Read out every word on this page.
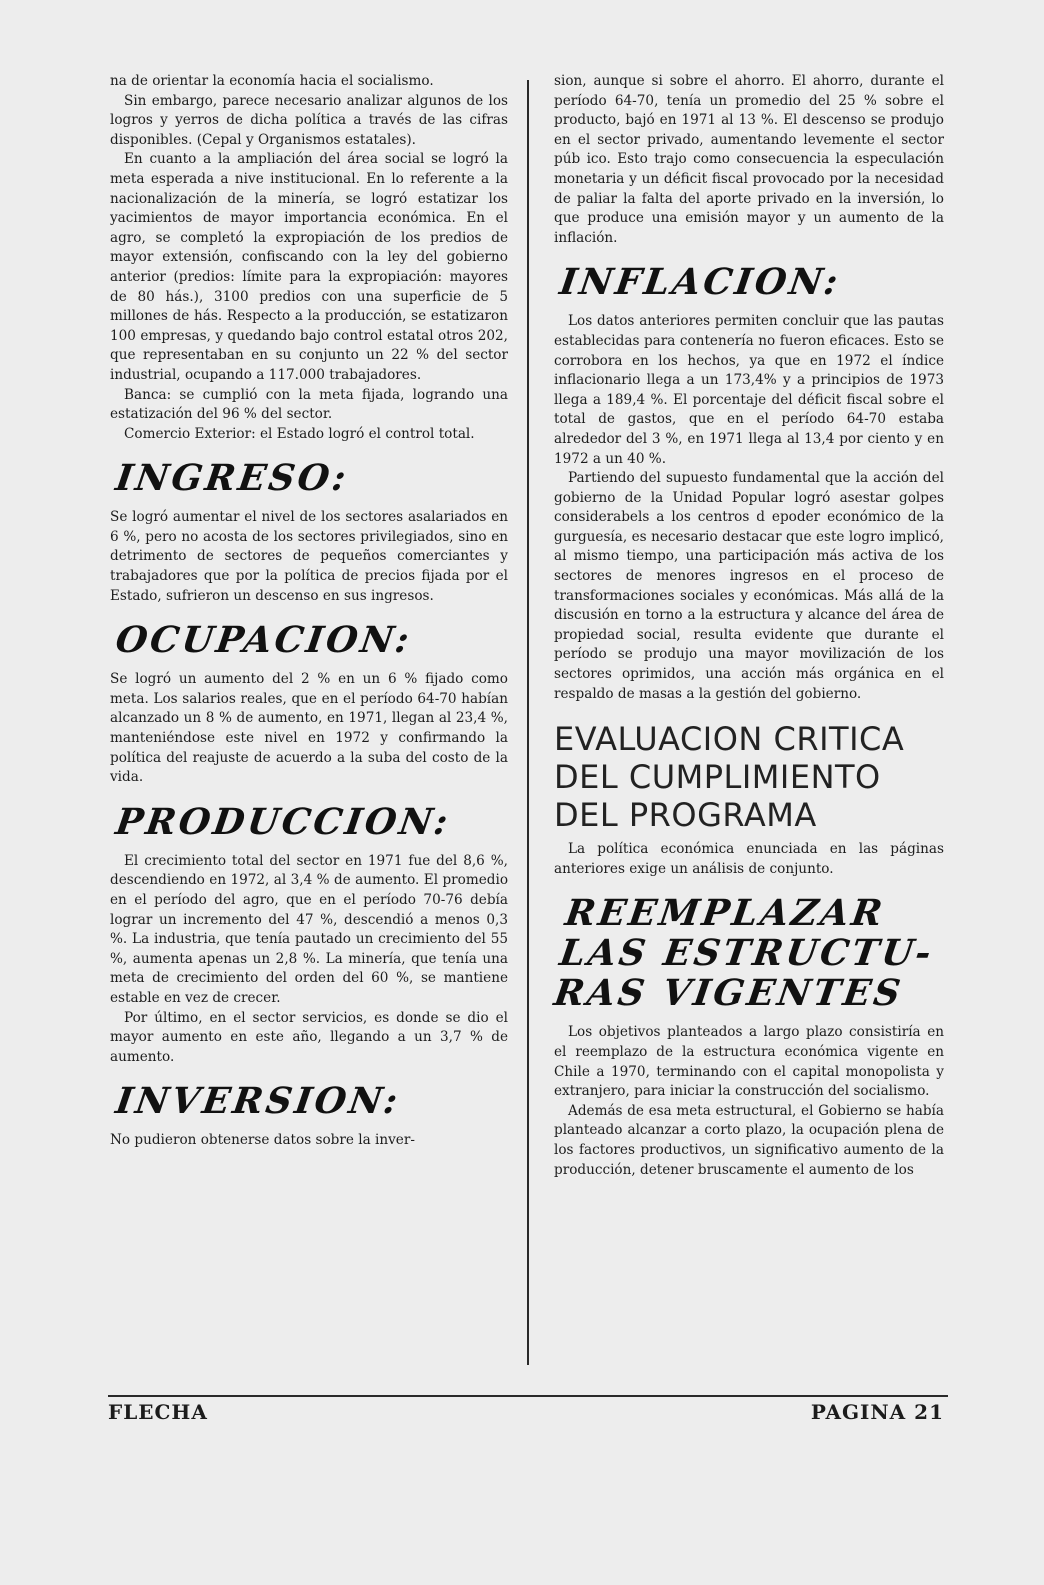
na de orientar la economía hacia el socialismo.

Sin embargo, parece necesario analizar algunos de los logros y yerros de dicha política a través de las cifras disponibles. (Cepal y Organismos estatales).

En cuanto a la ampliación del área social se logró la meta esperada a nive institucional. En lo referente a la nacionalización de la minería, se logró estatizar los yacimientos de mayor importancia económica. En el agro, se completó la expropiación de los predios de mayor extensión, confiscando con la ley del gobierno anterior (predios: límite para la expropiación: mayores de 80 hás.), 3100 predios con una superficie de 5 millones de hás. Respecto a la producción, se estatizaron 100 empresas, y quedando bajo control estatal otros 202, que representaban en su conjunto un 22 % del sector industrial, ocupando a 117.000 trabajadores.

Banca: se cumplió con la meta fijada, logrando una estatización del 96 % del sector.

Comercio Exterior: el Estado logró el control total.

INGRESO:

Se logró aumentar el nivel de los sectores asalariados en 6 %, pero no acosta de los sectores privilegiados, sino en detrimento de sectores de pequeños comerciantes y trabajadores que por la política de precios fijada por el Estado, sufrieron un descenso en sus ingresos.

OCUPACION:

Se logró un aumento del 2 % en un 6 % fijado como meta. Los salarios reales, que en el período 64-70 habían alcanzado un 8 % de aumento, en 1971, llegan al 23,4 %, manteniéndose este nivel en 1972 y confirmando la política del reajuste de acuerdo a la suba del costo de la vida.

PRODUCCION:

El crecimiento total del sector en 1971 fue del 8,6 %, descendiendo en 1972, al 3,4 % de aumento. El promedio en el período del agro, que en el período 70-76 debía lograr un incremento del 47 %, descendió a menos 0,3 %. La industria, que tenía pautado un crecimiento del 55 %, aumenta apenas un 2,8 %. La minería, que tenía una meta de crecimiento del orden del 60 %, se mantiene estable en vez de crecer.

Por último, en el sector servicios, es donde se dio el mayor aumento en este año, llegando a un 3,7 % de aumento.

INVERSION:

No pudieron obtenerse datos sobre la inver-

sion, aunque si sobre el ahorro. El ahorro, durante el período 64-70, tenía un promedio del 25 % sobre el producto, bajó en 1971 al 13 %. El descenso se produjo en el sector privado, aumentando levemente el sector púb ico. Esto trajo como consecuencia la especulación monetaria y un déficit fiscal provocado por la necesidad de paliar la falta del aporte privado en la inversión, lo que produce una emisión mayor y un aumento de la inflación.

INFLACION:

Los datos anteriores permiten concluir que las pautas establecidas para contenería no fueron eficaces. Esto se corrobora en los hechos, ya que en 1972 el índice inflacionario llega a un 173,4% y a principios de 1973 llega a 189,4 %. El porcentaje del déficit fiscal sobre el total de gastos, que en el período 64-70 estaba alrededor del 3 %, en 1971 llega al 13,4 por ciento y en 1972 a un 40 %.

Partiendo del supuesto fundamental que la acción del gobierno de la Unidad Popular logró asestar golpes considerabels a los centros d epoder económico de la gurguesía, es necesario destacar que este logro implicó, al mismo tiempo, una participación más activa de los sectores de menores ingresos en el proceso de transformaciones sociales y económicas. Más allá de la discusión en torno a la estructura y alcance del área de propiedad social, resulta evidente que durante el período se produjo una mayor movilización de los sectores oprimidos, una acción más orgánica en el respaldo de masas a la gestión del gobierno.

EVALUACION CRITICA
DEL CUMPLIMIENTO
DEL PROGRAMA

La política económica enunciada en las páginas anteriores exige un análisis de conjunto.

REEMPLAZAR
LAS ESTRUCTU-
RAS VIGENTES

Los objetivos planteados a largo plazo consistiría en el reemplazo de la estructura económica vigente en Chile a 1970, terminando con el capital monopolista y extranjero, para iniciar la construcción del socialismo.

Además de esa meta estructural, el Gobierno se había planteado alcanzar a corto plazo, la ocupación plena de los factores productivos, un significativo aumento de la producción, detener bruscamente el aumento de los

FLECHA	PAGINA 21
